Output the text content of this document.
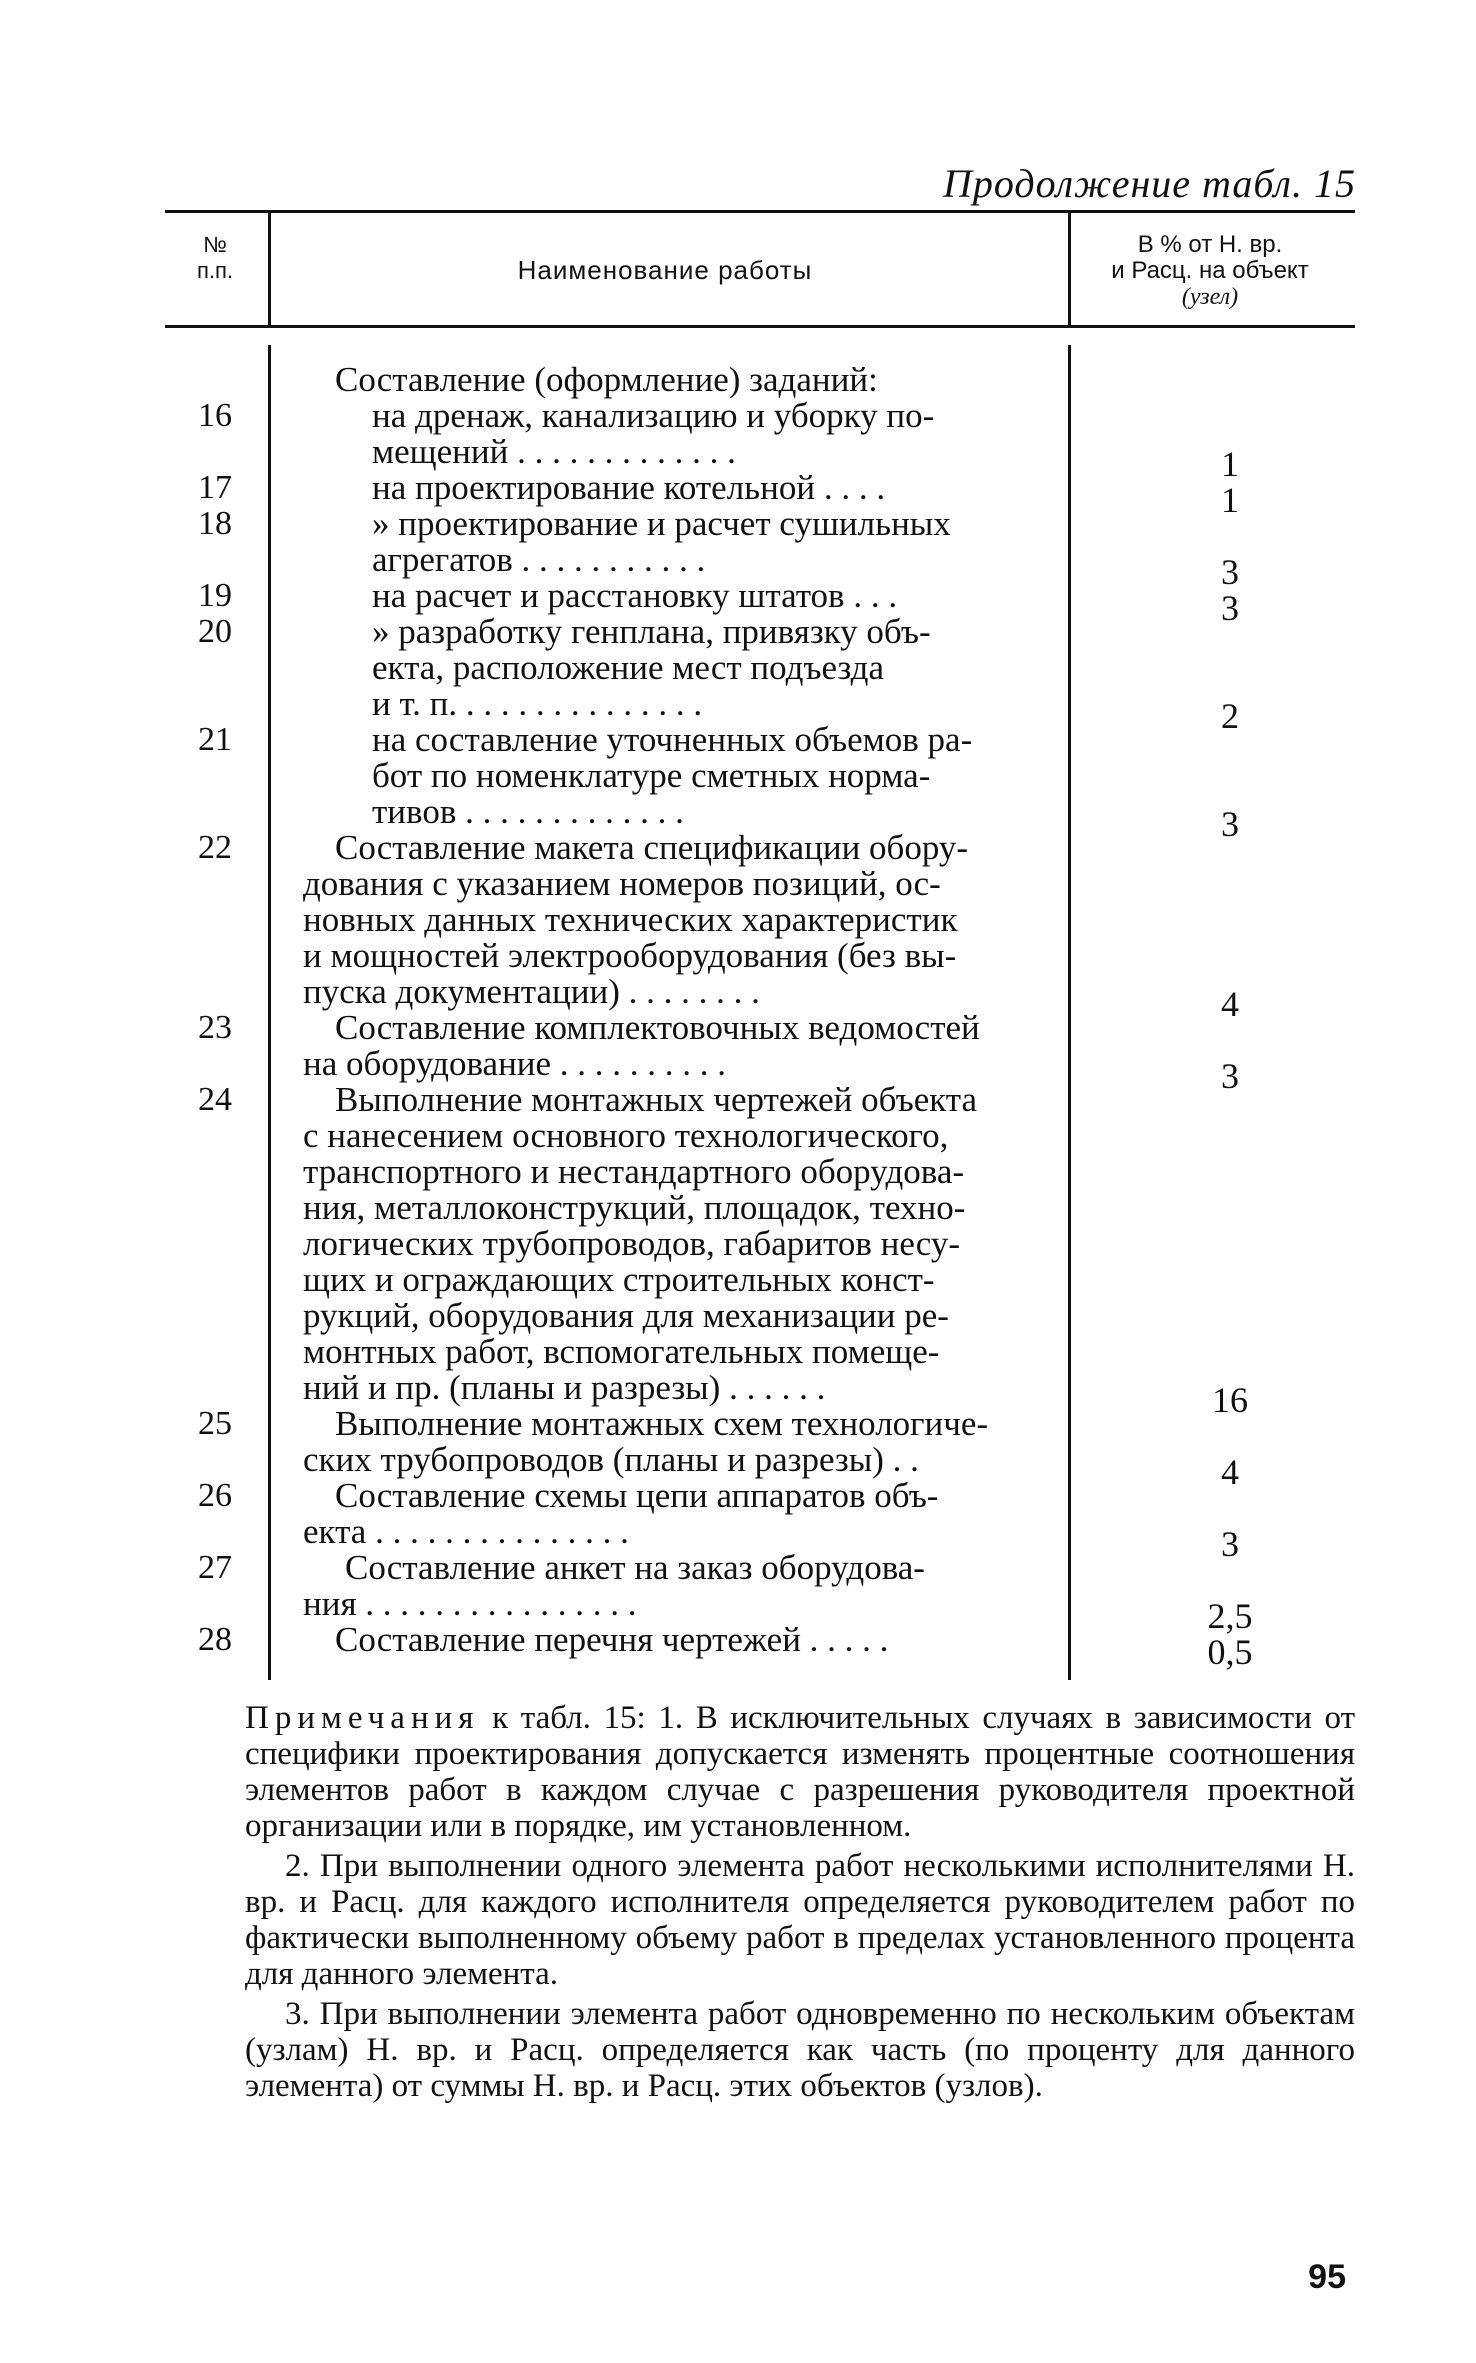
Продолжение табл. 15
№
п.п.	Наименование работы
В % от Н. вр.
и Расц. на объект
(узел)
16
17
18
19
20
21
22
23
24
25
26
27
28
Составление (оформление) заданий:
на дренаж, канализацию и уборку по-
мещений . . . . . . . . . . . . .
на проектирование котельной . . . .
» проектирование и расчет сушильных
агрегатов . . . . . . . . . . .
на расчет и расстановку штатов . . .
» разработку генплана, привязку объ-
екта, расположение мест подъезда
и т. п. . . . . . . . . . . . . . .
на составление уточненных объемов ра-
бот по номенклатуре сметных норма-
тивов . . . . . . . . . . . . .
Составление макета спецификации обору-
дования с указанием номеров позиций, ос-
новных данных технических характеристик
и мощностей электрооборудования (без вы-
пуска документации) . . . . . . . .
Составление комплектовочных ведомостей
на оборудование . . . . . . . . . .
Выполнение монтажных чертежей объекта
с нанесением основного технологического,
транспортного и нестандартного оборудова-
ния, металлоконструкций, площадок, техно-
логических трубопроводов, габаритов несу-
щих и ограждающих строительных конст-
рукций, оборудования для механизации ре-
монтных работ, вспомогательных помеще-
ний и пр. (планы и разрезы) . . . . . .
Выполнение монтажных схем технологиче-
ских трубопроводов (планы и разрезы) . .
Составление схемы цепи аппаратов объ-
екта . . . . . . . . . . . . . . .
Составление анкет на заказ оборудова-
ния . . . . . . . . . . . . . . . .
Составление перечня чертежей . . . . .
1
1
3
3
2
3
4
3
16
4
3
2,5
0,5

Примечания к табл. 15: 1. В исключительных случаях в зависимости от специфики проектирования допускается изменять процентные соотношения элементов работ в каждом случае с разрешения руководителя проектной организации или в порядке, им установленном.

2. При выполнении одного элемента работ несколькими исполнителями Н. вр. и Расц. для каждого исполнителя определяется руководителем работ по фактически выполненному объему работ в пределах установленного процента для данного элемента.

3. При выполнении элемента работ одновременно по нескольким объектам (узлам) Н. вр. и Расц. определяется как часть (по проценту для данного элемента) от суммы Н. вр. и Расц. этих объектов (узлов).

95
